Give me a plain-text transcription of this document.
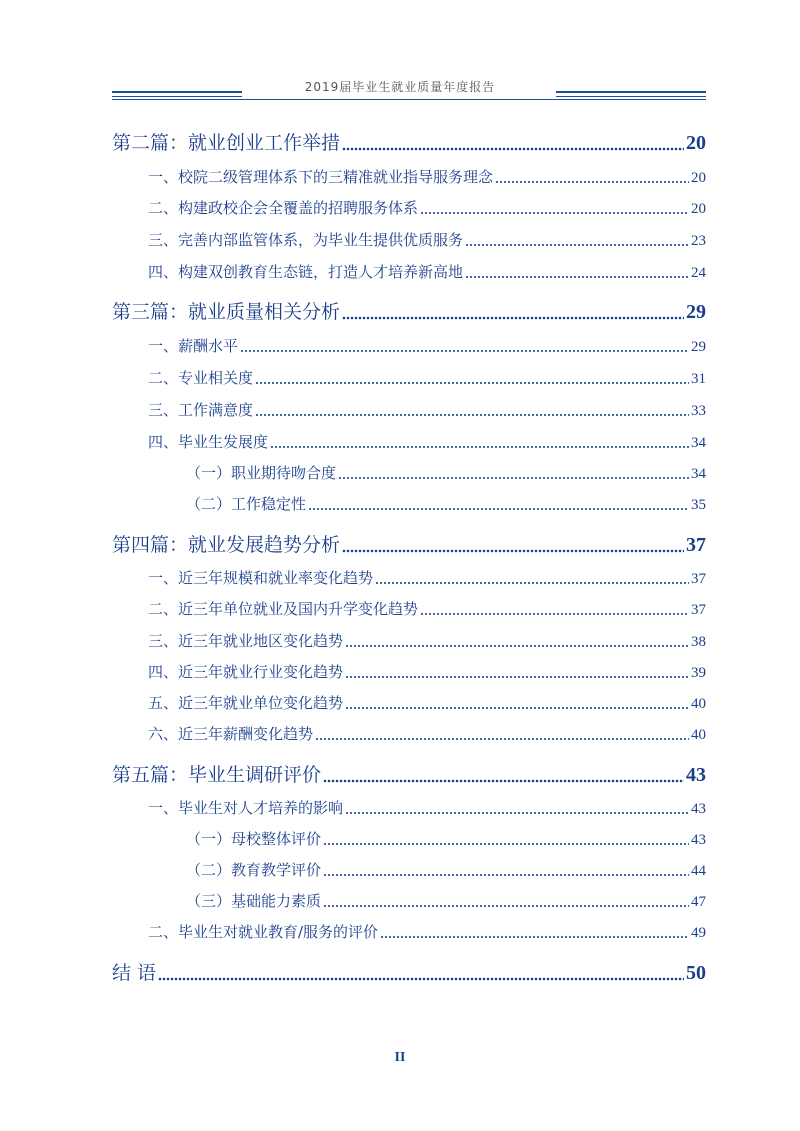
2019届毕业生就业质量年度报告
第二篇：就业创业工作举措	20
一、校院二级管理体系下的三精准就业指导服务理念	20
二、构建政校企会全覆盖的招聘服务体系	20
三、完善内部监管体系，为毕业生提供优质服务	23
四、构建双创教育生态链，打造人才培养新高地	24
第三篇：就业质量相关分析	29
一、薪酬水平	29
二、专业相关度	31
三、工作满意度	33
四、毕业生发展度	34
（一）职业期待吻合度	34
（二）工作稳定性	35
第四篇：就业发展趋势分析	37
一、近三年规模和就业率变化趋势	37
二、近三年单位就业及国内升学变化趋势	37
三、近三年就业地区变化趋势	38
四、近三年就业行业变化趋势	39
五、近三年就业单位变化趋势	40
六、近三年薪酬变化趋势	40
第五篇：毕业生调研评价	43
一、毕业生对人才培养的影响	43
（一）母校整体评价	43
（二）教育教学评价	44
（三）基础能力素质	47
二、毕业生对就业教育/服务的评价	49
结 语	50
II
